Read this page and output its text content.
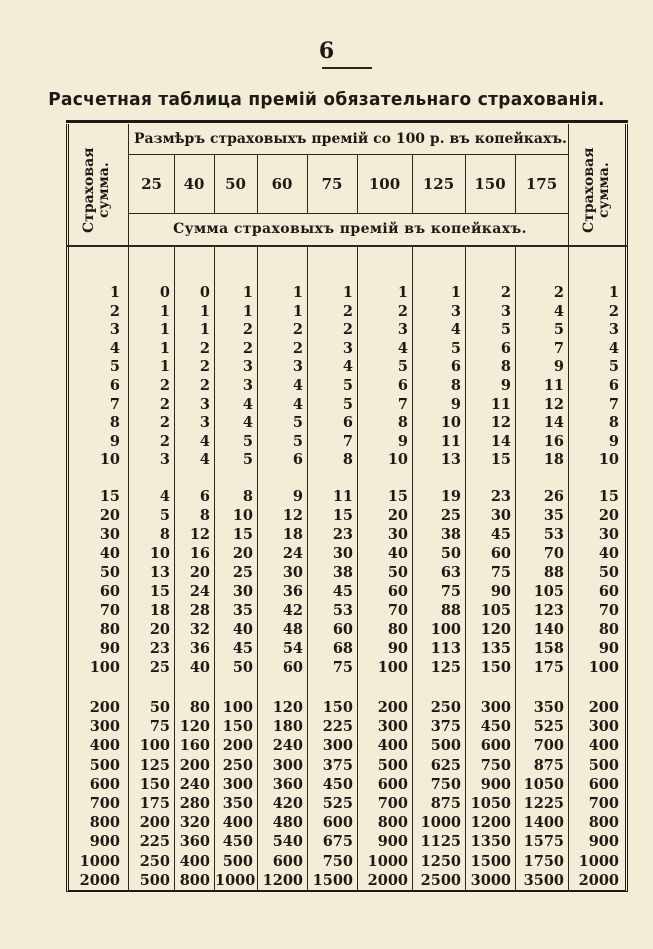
6
Расчетная таблица премій обязательнаго страхованія.
Страховая сумма.	Страховая сумма.
Размѣръ страховыхъ премій со 100 р. въ копейкахъ.
Сумма страховыхъ премій въ копейкахъ.
25	40	50	60	75	100	125	150	175
1	0	0	1	1	1	1	1	2	2	1
2	1	1	1	1	2	2	3	3	4	2
3	1	1	2	2	2	3	4	5	5	3
4	1	2	2	2	3	4	5	6	7	4
5	1	2	3	3	4	5	6	8	9	5
6	2	2	3	4	5	6	8	9	11	6
7	2	3	4	4	5	7	9	11	12	7
8	2	3	4	5	6	8	10	12	14	8
9	2	4	5	5	7	9	11	14	16	9
10	3	4	5	6	8	10	13	15	18	10
15	4	6	8	9	11	15	19	23	26	15
20	5	8	10	12	15	20	25	30	35	20
30	8	12	15	18	23	30	38	45	53	30
40	10	16	20	24	30	40	50	60	70	40
50	13	20	25	30	38	50	63	75	88	50
60	15	24	30	36	45	60	75	90	105	60
70	18	28	35	42	53	70	88	105	123	70
80	20	32	40	48	60	80	100	120	140	80
90	23	36	45	54	68	90	113	135	158	90
100	25	40	50	60	75	100	125	150	175	100
200	50	80 100	120	150	200	250	300	350	200
300	75 120 150	180	225	300	375	450	525	300
400	100 160 200	240	300	400	500	600	700	400
500	125 200 250	300	375	500	625	750	875	500
600	150 240 300	360	450	600	750	900 1050	600
700	175 280 350	420	525	700	875 1050 1225	700
800	200 320 400	480	600	800 1000 1200 1400	800
900	225 360 450	540	675	900 1125 1350 1575	900
1000	250 400 500	600	750	1000 1250 1500 1750	1000
2000	500 800 1000 1200 1500	2000 2500 3000 3500	2000
